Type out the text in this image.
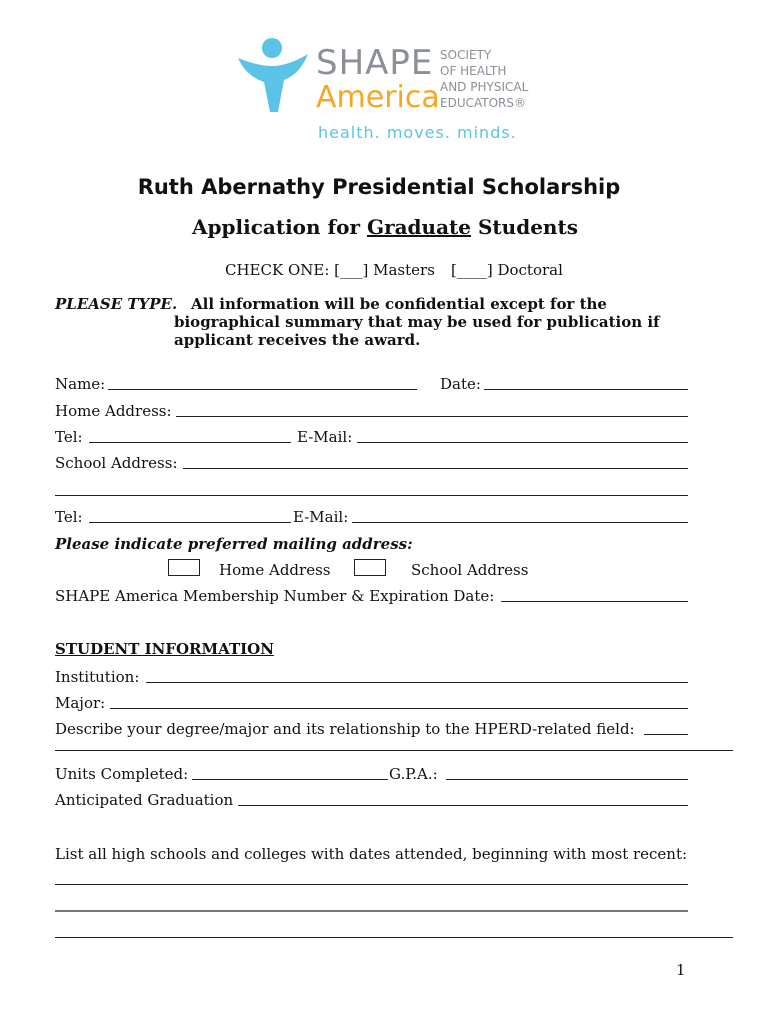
SHAPE
America
SOCIETY
OF HEALTH
AND PHYSICAL
EDUCATORS®
health. moves. minds.
Ruth Abernathy Presidential Scholarship
Application for Graduate Students
CHECK ONE: [___] Masters [____] Doctoral
PLEASE TYPE. All information will be confidential except for the
biographical summary that may be used for publication if
applicant receives the award.
Name:	Date:
Home Address:
Tel:	E-Mail:
School Address:
Tel:	E-Mail:
Please indicate preferred mailing address:
Home Address	School Address
SHAPE America Membership Number & Expiration Date:
STUDENT INFORMATION
Institution:
Major:
Describe your degree/major and its relationship to the HPERD-related field:
Units Completed:	G.P.A.:
Anticipated Graduation
List all high schools and colleges with dates attended, beginning with most recent:
1
